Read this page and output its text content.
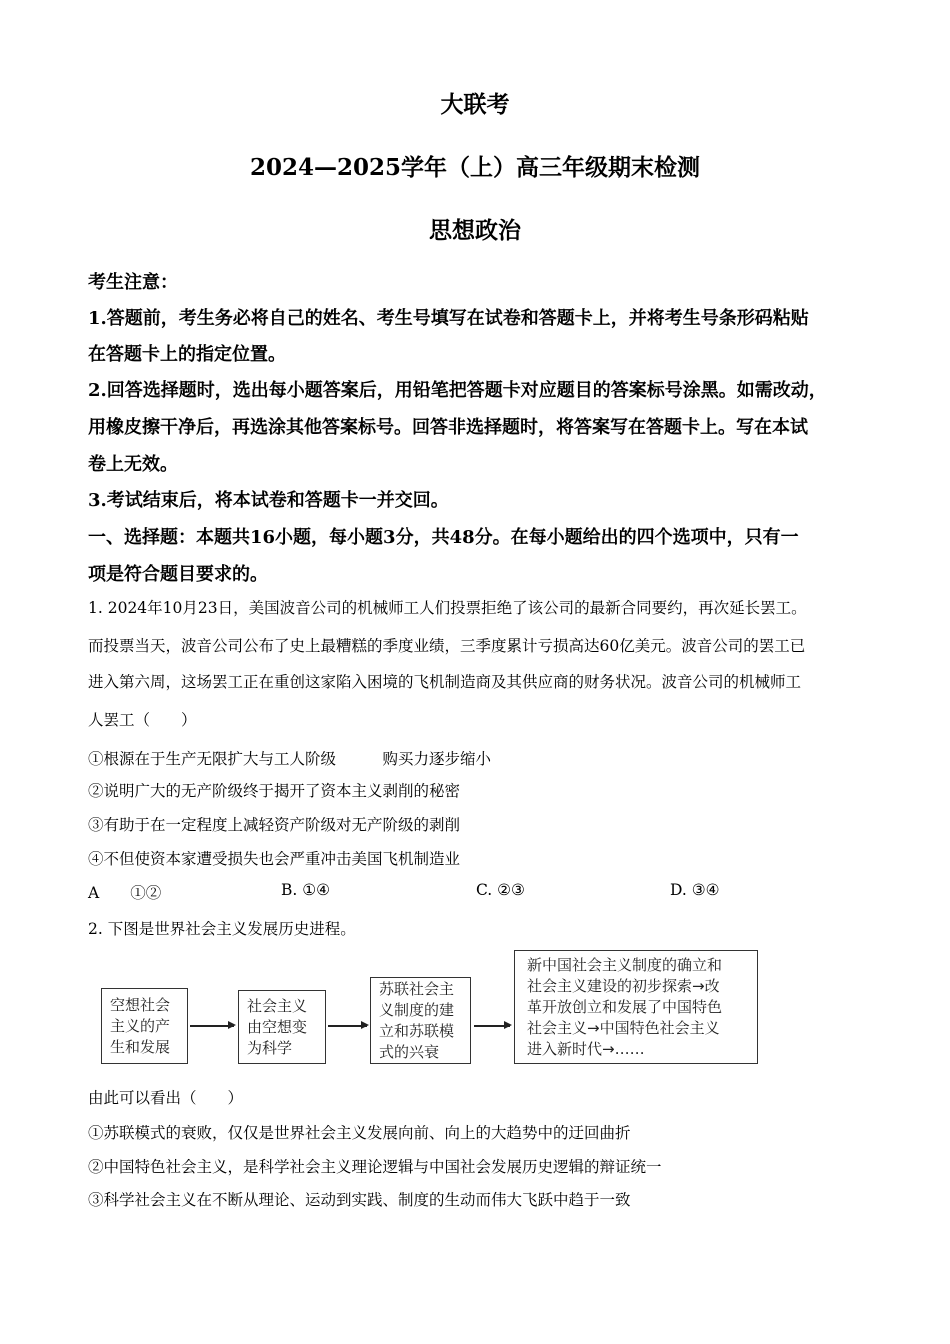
大联考
2024—2025学年（上）高三年级期末检测
思想政治
考生注意：
1.答题前，考生务必将自己的姓名、考生号填写在试卷和答题卡上，并将考生号条形码粘贴
在答题卡上的指定位置。
2.回答选择题时，选出每小题答案后，用铅笔把答题卡对应题目的答案标号涂黑。如需改动，
用橡皮擦干净后，再选涂其他答案标号。回答非选择题时，将答案写在答题卡上。写在本试
卷上无效。
3.考试结束后，将本试卷和答题卡一并交回。
一、选择题：本题共16小题，每小题3分，共48分。在每小题给出的四个选项中，只有一
项是符合题目要求的。
1. 2024年10月23日，美国波音公司的机械师工人们投票拒绝了该公司的最新合同要约，再次延长罢工。
而投票当天，波音公司公布了史上最糟糕的季度业绩，三季度累计亏损高达60亿美元。波音公司的罢工已
进入第六周，这场罢工正在重创这家陷入困境的飞机制造商及其供应商的财务状况。波音公司的机械师工
人罢工（　　）
①根源在于生产无限扩大与工人阶级　　　购买力逐步缩小
②说明广大的无产阶级终于揭开了资本主义剥削的秘密
③有助于在一定程度上减轻资产阶级对无产阶级的剥削
④不但使资本家遭受损失也会严重冲击美国飞机制造业
A　　①②	B. ①④	C. ②③	D. ③④
2. 下图是世界社会主义发展历史进程。
空想社会
主义的产
生和发展
社会主义
由空想变
为科学
苏联社会主
义制度的建
立和苏联模
式的兴衰
新中国社会主义制度的确立和
社会主义建设的初步探索→改
革开放创立和发展了中国特色
社会主义→中国特色社会主义
进入新时代→……
由此可以看出（　　）
①苏联模式的衰败，仅仅是世界社会主义发展向前、向上的大趋势中的迂回曲折
②中国特色社会主义，是科学社会主义理论逻辑与中国社会发展历史逻辑的辩证统一
③科学社会主义在不断从理论、运动到实践、制度的生动而伟大飞跃中趋于一致
